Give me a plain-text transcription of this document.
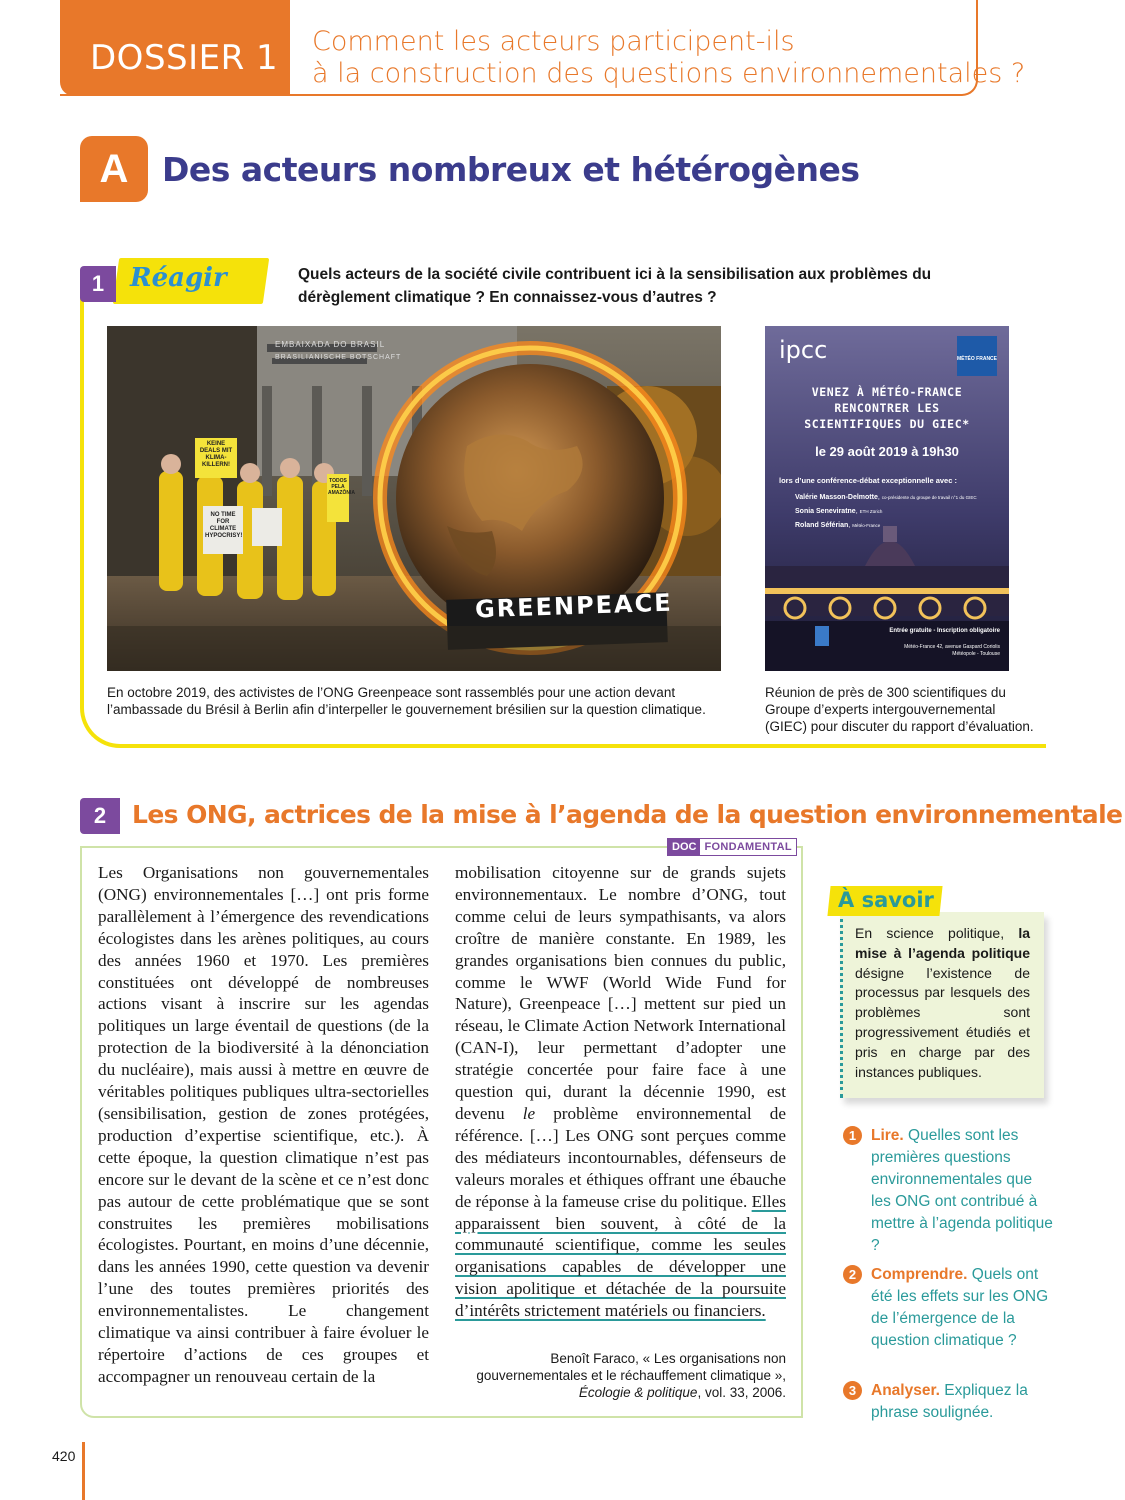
DOSSIER 1 Comment les acteurs participent-ils
à la construction des questions environnementales ?
A	Des acteurs nombreux et hétérogènes
1 Réagir	Quels acteurs de la société civile contribuent ici à la sensibilisation aux problèmes du dérèglement climatique ? En connaissez-vous d’autres ?
GREENPEACE
EMBAIXADA DO BRASIL
BRASILIANISCHE BOTSCHAFT
KEINE DEALS MIT KLIMA-KILLERN!
NO TIME FOR CLIMATE HYPOCRISY!
TODOS PELA AMAZÔNIA
ipcc	MÉTÉO FRANCE
VENEZ À MÉTÉO-FRANCE RENCONTRER LES SCIENTIFIQUES DU GIEC*
le 29 août 2019 à 19h30
lors d’une conférence-débat exceptionnelle avec :
Valérie Masson-Delmotte, co-présidente du groupe de travail n°1 du GIEC
Sonia Seneviratne, ETH Zürich
Roland Séférian, Météo-France
Entrée gratuite - Inscription obligatoire
Météo-France 42, avenue Gaspard Coriolis Météopole - Toulouse
En octobre 2019, des activistes de l’ONG Greenpeace sont rassemblés pour une action devant l’ambassade du Brésil à Berlin afin d’interpeller le gouvernement brésilien sur la question climatique.
Réunion de près de 300 scientifiques du Groupe d’experts intergouvernemental (GIEC) pour discuter du rapport d’évaluation.
2	Les ONG, actrices de la mise à l’agenda de la question environnementale
DOC FONDAMENTAL
Les Organisations non gouvernementales (ONG) environnementales […] ont pris forme parallèlement à l’émergence des revendications écologistes dans les arènes politiques, au cours des années 1960 et 1970. Les premières constituées ont développé de nombreuses actions visant à inscrire sur les agendas politiques un large éventail de questions (de la protection de la biodiversité à la dénonciation du nucléaire), mais aussi à mettre en œuvre de véritables politiques publiques ultra-sectorielles (sensibilisation, gestion de zones protégées, production d’expertise scientifique, etc.). À cette époque, la question climatique n’est pas encore sur le devant de la scène et ce n’est donc pas autour de cette problématique que se sont construites les premières mobilisations écologistes. Pourtant, en moins d’une décennie, dans les années 1990, cette question va devenir l’une des toutes premières priorités des environnementalistes. Le changement climatique va ainsi contribuer à faire évoluer le répertoire d’actions de ces groupes et accompagner un renouveau certain de la
mobilisation citoyenne sur de grands sujets environnementaux. Le nombre d’ONG, tout comme celui de leurs sympathisants, va alors croître de manière constante. En 1989, les grandes organisations bien connues du public, comme le WWF (World Wide Fund for Nature), Greenpeace […] mettent sur pied un réseau, le Climate Action Network International (CAN-I), leur permettant d’adopter une stratégie concertée pour faire face à une question qui, durant la décennie 1990, est devenu le problème environnemental de référence. […] Les ONG sont perçues comme des médiateurs incontournables, défenseurs de valeurs morales et éthiques offrant une ébauche de réponse à la fameuse crise du politique. Elles apparaissent bien souvent, à côté de la communauté scientifique, comme les seules organisations capables de développer une vision apolitique et détachée de la poursuite d’intérêts strictement matériels ou financiers.
Benoît Faraco, « Les organisations non
gouvernementales et le réchauffement climatique »,
Écologie & politique, vol. 33, 2006.
À savoir
En science politique, la mise à l’agenda politique désigne l’existence de processus par lesquels des problèmes sont progressivement étudiés et pris en charge par des instances publiques.
1 Lire. Quelles sont les premières questions environnementales que les ONG ont contribué à mettre à l’agenda politique ?
2 Comprendre. Quels ont été les effets sur les ONG de l’émergence de la question climatique ?
3 Analyser. Expliquez la phrase soulignée.
420
